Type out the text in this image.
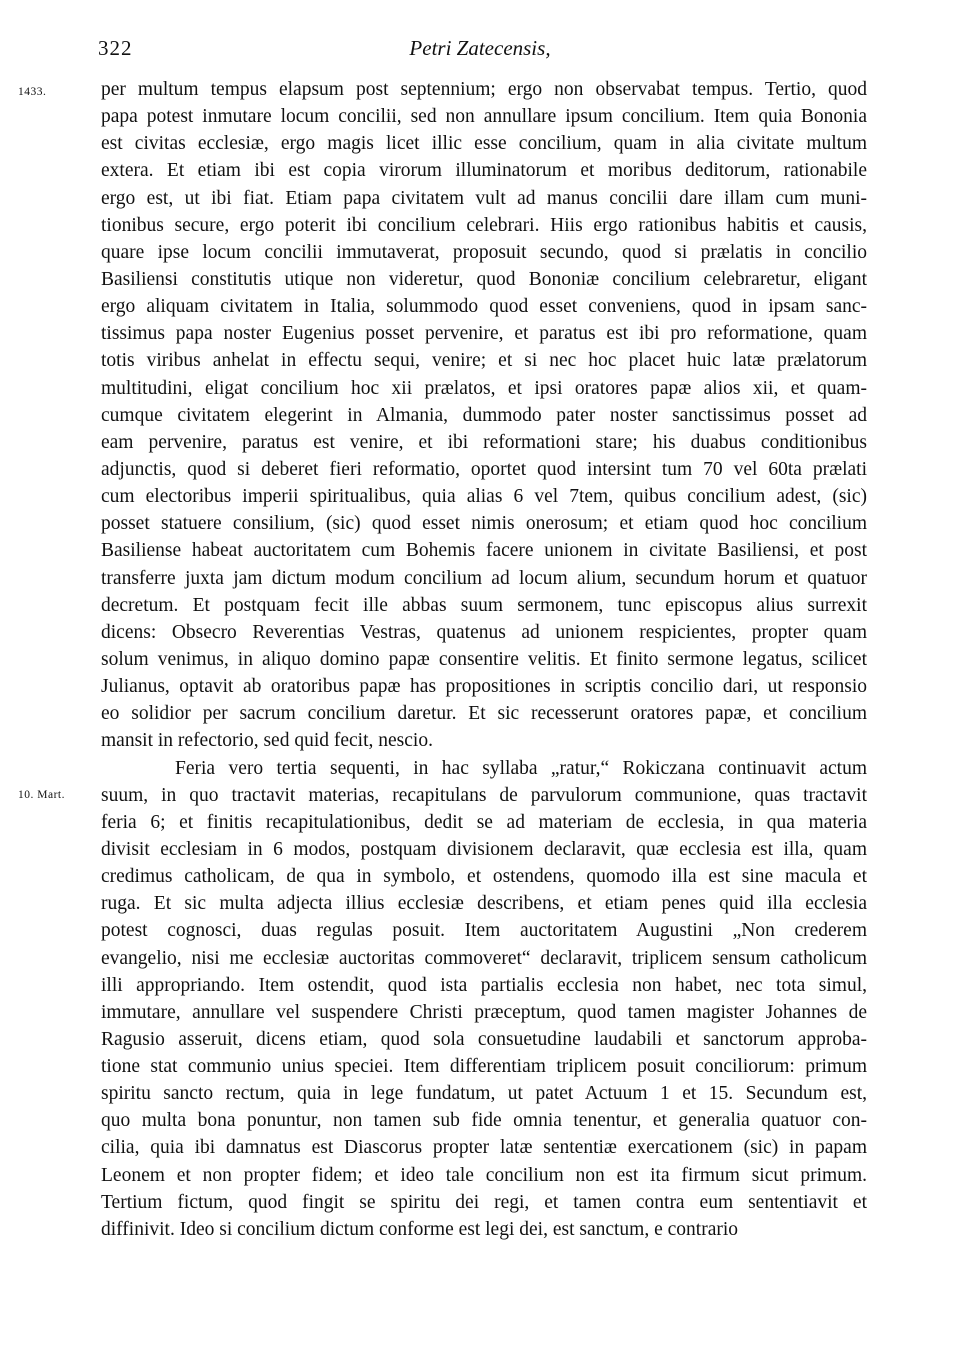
322	Petri Zatecensis,
1433.
10. Mart.
per multum tempus elapsum post septennium; ergo non observabat tempus. Tertio, quod
papa potest inmutare locum concilii, sed non annullare ipsum concilium. Item quia Bononia
est civitas ecclesiæ, ergo magis licet illic esse concilium, quam in alia civitate multum
extera. Et etiam ibi est copia virorum illuminatorum et moribus deditorum, rationabile
ergo est, ut ibi fiat. Etiam papa civitatem vult ad manus concilii dare illam cum muni-
tionibus secure, ergo poterit ibi concilium celebrari. Hiis ergo rationibus habitis et causis,
quare ipse locum concilii immutaverat, proposuit secundo, quod si prælatis in concilio
Basiliensi constitutis utique non videretur, quod Bononiæ concilium celebraretur, eligant
ergo aliquam civitatem in Italia, solummodo quod esset conveniens, quod in ipsam sanc-
tissimus papa noster Eugenius posset pervenire, et paratus est ibi pro reformatione, quam
totis viribus anhelat in effectu sequi, venire; et si nec hoc placet huic latæ prælatorum
multitudini, eligat concilium hoc xii prælatos, et ipsi oratores papæ alios xii, et quam-
cumque civitatem elegerint in Almania, dummodo pater noster sanctissimus posset ad
eam pervenire, paratus est venire, et ibi reformationi stare; his duabus conditionibus
adjunctis, quod si deberet fieri reformatio, oportet quod intersint tum 70 vel 60ta prælati
cum electoribus imperii spiritualibus, quia alias 6 vel 7tem, quibus concilium adest, (sic)
posset statuere consilium, (sic) quod esset nimis onerosum; et etiam quod hoc concilium
Basiliense habeat auctoritatem cum Bohemis facere unionem in civitate Basiliensi, et post
transferre juxta jam dictum modum concilium ad locum alium, secundum horum et quatuor
decretum. Et postquam fecit ille abbas suum sermonem, tunc episcopus alius surrexit
dicens: Obsecro Reverentias Vestras, quatenus ad unionem respicientes, propter quam
solum venimus, in aliquo domino papæ consentire velitis. Et finito sermone legatus, scilicet
Julianus, optavit ab oratoribus papæ has propositiones in scriptis concilio dari, ut responsio
eo solidior per sacrum concilium daretur. Et sic recesserunt oratores papæ, et concilium
mansit in refectorio, sed quid fecit, nescio.
Feria vero tertia sequenti, in hac syllaba „ratur,“ Rokiczana continuavit actum
suum, in quo tractavit materias, recapitulans de parvulorum communione, quas tractavit
feria 6; et finitis recapitulationibus, dedit se ad materiam de ecclesia, in qua materia
divisit ecclesiam in 6 modos, postquam divisionem declaravit, quæ ecclesia est illa, quam
credimus catholicam, de qua in symbolo, et ostendens, quomodo illa est sine macula et
ruga. Et sic multa adjecta illius ecclesiæ describens, et etiam penes quid illa ecclesia
potest cognosci, duas regulas posuit. Item auctoritatem Augustini „Non crederem
evangelio, nisi me ecclesiæ auctoritas commoveret“ declaravit, triplicem sensum catholicum
illi appropriando. Item ostendit, quod ista partialis ecclesia non habet, nec tota simul,
immutare, annullare vel suspendere Christi præceptum, quod tamen magister Johannes de
Ragusio asseruit, dicens etiam, quod sola consuetudine laudabili et sanctorum approba-
tione stat communio unius speciei. Item differentiam triplicem posuit conciliorum: primum
spiritu sancto rectum, quia in lege fundatum, ut patet Actuum 1 et 15. Secundum est,
quo multa bona ponuntur, non tamen sub fide omnia tenentur, et generalia quatuor con-
cilia, quia ibi damnatus est Diascorus propter latæ sententiæ exercationem (sic) in papam
Leonem et non propter fidem; et ideo tale concilium non est ita firmum sicut primum.
Tertium fictum, quod fingit se spiritu dei regi, et tamen contra eum sententiavit et
diffinivit. Ideo si concilium dictum conforme est legi dei, est sanctum, e contrario
